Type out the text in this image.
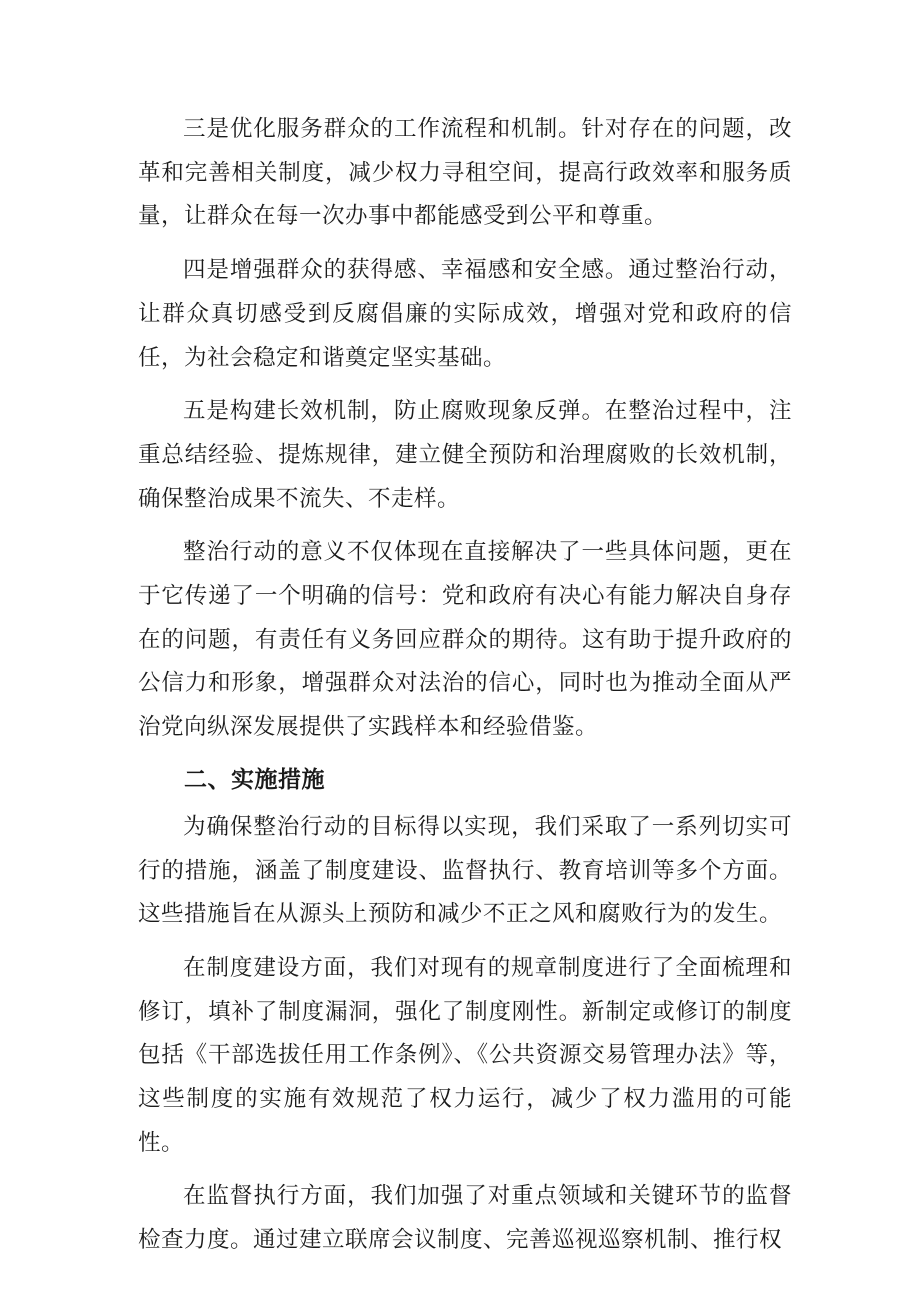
三是优化服务群众的工作流程和机制。针对存在的问题，改革和完善相关制度，减少权力寻租空间，提高行政效率和服务质量，让群众在每一次办事中都能感受到公平和尊重。

四是增强群众的获得感、幸福感和安全感。通过整治行动，让群众真切感受到反腐倡廉的实际成效，增强对党和政府的信任，为社会稳定和谐奠定坚实基础。

五是构建长效机制，防止腐败现象反弹。在整治过程中，注重总结经验、提炼规律，建立健全预防和治理腐败的长效机制，确保整治成果不流失、不走样。

整治行动的意义不仅体现在直接解决了一些具体问题，更在于它传递了一个明确的信号：党和政府有决心有能力解决自身存在的问题，有责任有义务回应群众的期待。这有助于提升政府的公信力和形象，增强群众对法治的信心，同时也为推动全面从严治党向纵深发展提供了实践样本和经验借鉴。

二、实施措施

为确保整治行动的目标得以实现，我们采取了一系列切实可行的措施，涵盖了制度建设、监督执行、教育培训等多个方面。这些措施旨在从源头上预防和减少不正之风和腐败行为的发生。

在制度建设方面，我们对现有的规章制度进行了全面梳理和修订，填补了制度漏洞，强化了制度刚性。新制定或修订的制度包括《干部选拔任用工作条例》、《公共资源交易管理办法》等，这些制度的实施有效规范了权力运行，减少了权力滥用的可能性。

在监督执行方面，我们加强了对重点领域和关键环节的监督检查力度。通过建立联席会议制度、完善巡视巡察机制、推行权
